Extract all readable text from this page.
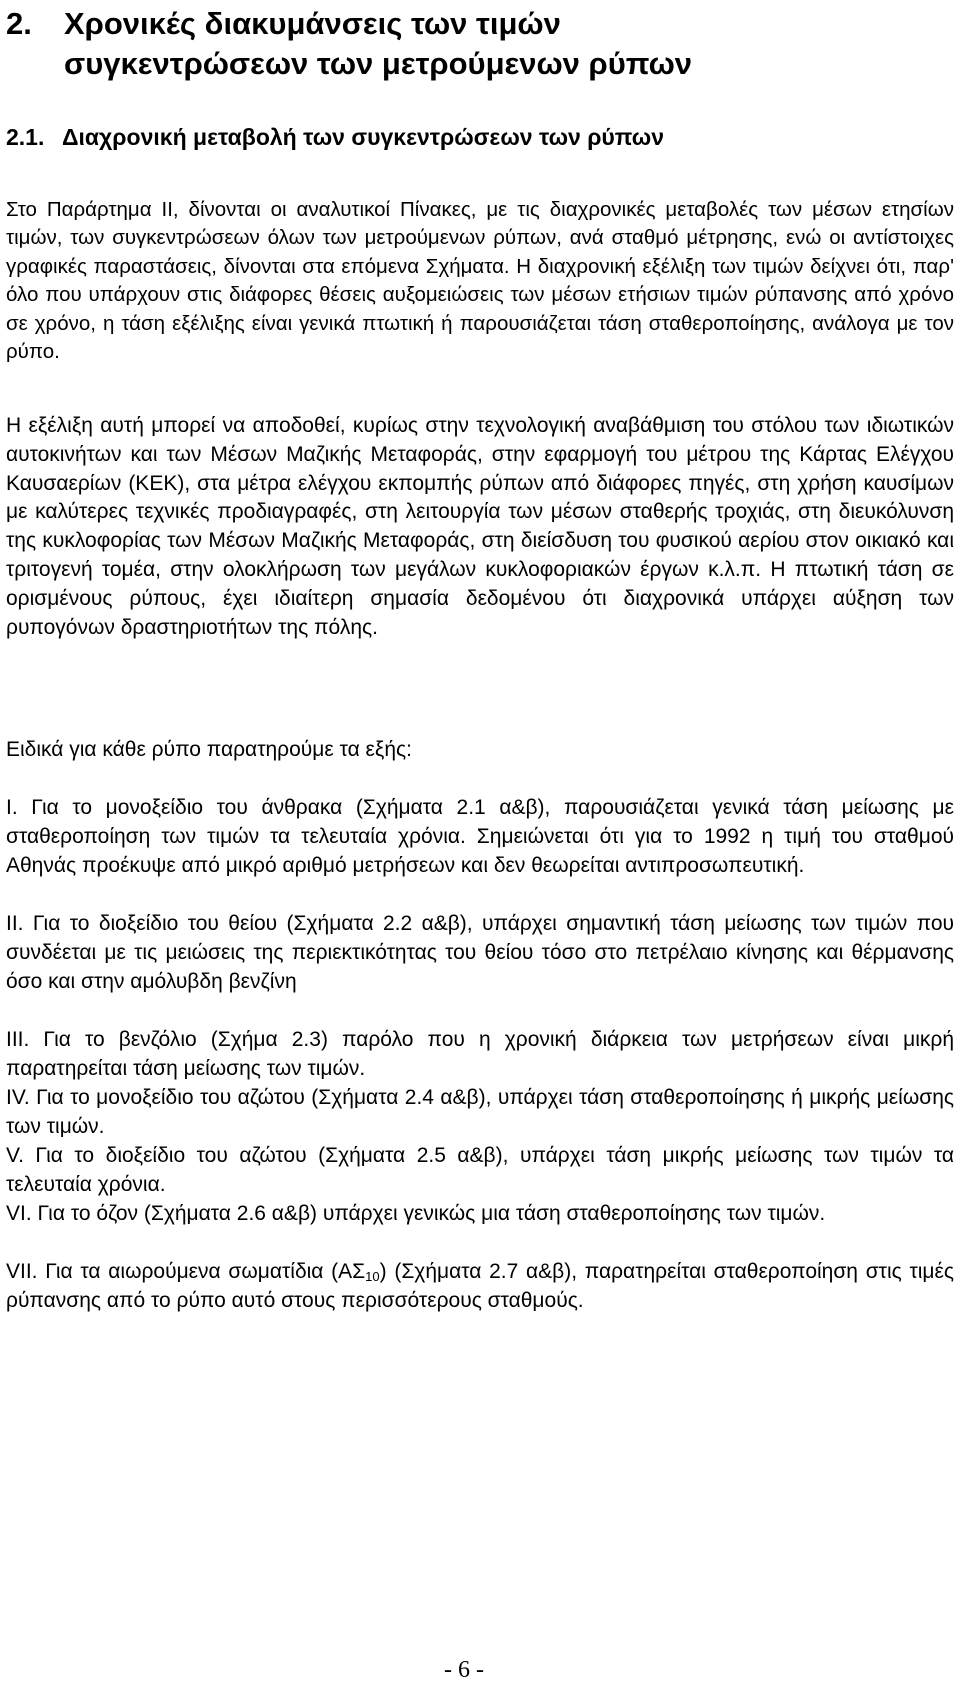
2. Χρονικές διακυμάνσεις των τιμών
συγκεντρώσεων των μετρούμενων ρύπων
2.1. Διαχρονική μεταβολή των συγκεντρώσεων των ρύπων

Στο Παράρτημα ΙΙ, δίνονται οι αναλυτικοί Πίνακες, με τις διαχρονικές μεταβολές των μέσων ετησίων τιμών, των συγκεντρώσεων όλων των μετρούμενων ρύπων, ανά σταθμό μέτρησης, ενώ οι αντίστοιχες γραφικές παραστάσεις, δίνονται στα επόμενα Σχήματα. Η διαχρονική εξέλιξη των τιμών δείχνει ότι, παρ' όλο που υπάρχουν στις διάφορες θέσεις αυξομειώσεις των μέσων ετήσιων τιμών ρύπανσης από χρόνο σε χρόνο, η τάση εξέλιξης είναι γενικά πτωτική ή παρουσιάζεται τάση σταθεροποίησης, ανάλογα με τον ρύπο.

Η εξέλιξη αυτή μπορεί να αποδοθεί, κυρίως στην τεχνολογική αναβάθμιση του στόλου των ιδιωτικών αυτοκινήτων και των Μέσων Μαζικής Μεταφοράς, στην εφαρμογή του μέτρου της Κάρτας Ελέγχου Καυσαερίων (ΚΕΚ), στα μέτρα ελέγχου εκπομπής ρύπων από διάφορες πηγές, στη χρήση καυσίμων με καλύτερες τεχνικές προδιαγραφές, στη λειτουργία των μέσων σταθερής τροχιάς, στη διευκόλυνση της κυκλοφορίας των Μέσων Μαζικής Μεταφοράς, στη διείσδυση του φυσικού αερίου στον οικιακό και τριτογενή τομέα, στην ολοκλήρωση των μεγάλων κυκλοφοριακών έργων κ.λ.π. Η πτωτική τάση σε ορισμένους ρύπους, έχει ιδιαίτερη σημασία δεδομένου ότι διαχρονικά υπάρχει αύξηση των ρυπογόνων δραστηριοτήτων της πόλης.

Ειδικά για κάθε ρύπο παρατηρούμε τα εξής:

Ι. Για το μονοξείδιο του άνθρακα (Σχήματα 2.1 α&β), παρουσιάζεται γενικά τάση μείωσης με σταθεροποίηση των τιμών τα τελευταία χρόνια. Σημειώνεται ότι για το 1992 η τιμή του σταθμού Αθηνάς προέκυψε από μικρό αριθμό μετρήσεων και δεν θεωρείται αντιπροσωπευτική.

ΙΙ. Για το διοξείδιο του θείου (Σχήματα 2.2 α&β), υπάρχει σημαντική τάση μείωσης των τιμών που συνδέεται με τις μειώσεις της περιεκτικότητας του θείου τόσο στο πετρέλαιο κίνησης και θέρμανσης όσο και στην αμόλυβδη βενζίνη

ΙΙΙ. Για το βενζόλιο (Σχήμα 2.3) παρόλο που η χρονική διάρκεια των μετρήσεων είναι μικρή παρατηρείται τάση μείωσης των τιμών.

ΙV. Για το μονοξείδιο του αζώτου (Σχήματα 2.4 α&β), υπάρχει τάση σταθεροποίησης ή μικρής μείωσης των τιμών.

V. Για το διοξείδιο του αζώτου (Σχήματα 2.5 α&β), υπάρχει τάση μικρής μείωσης των τιμών τα τελευταία χρόνια.

VΙ. Για το όζον (Σχήματα 2.6 α&β) υπάρχει γενικώς μια τάση σταθεροποίησης των τιμών.

VΙΙ. Για τα αιωρούμενα σωματίδια $(A\Sigma_{10})$ (Σχήματα 2.7 α&β), παρατηρείται σταθεροποίηση στις τιμές ρύπανσης από το ρύπο αυτό στους περισσότερους σταθμούς.

- 6 -
